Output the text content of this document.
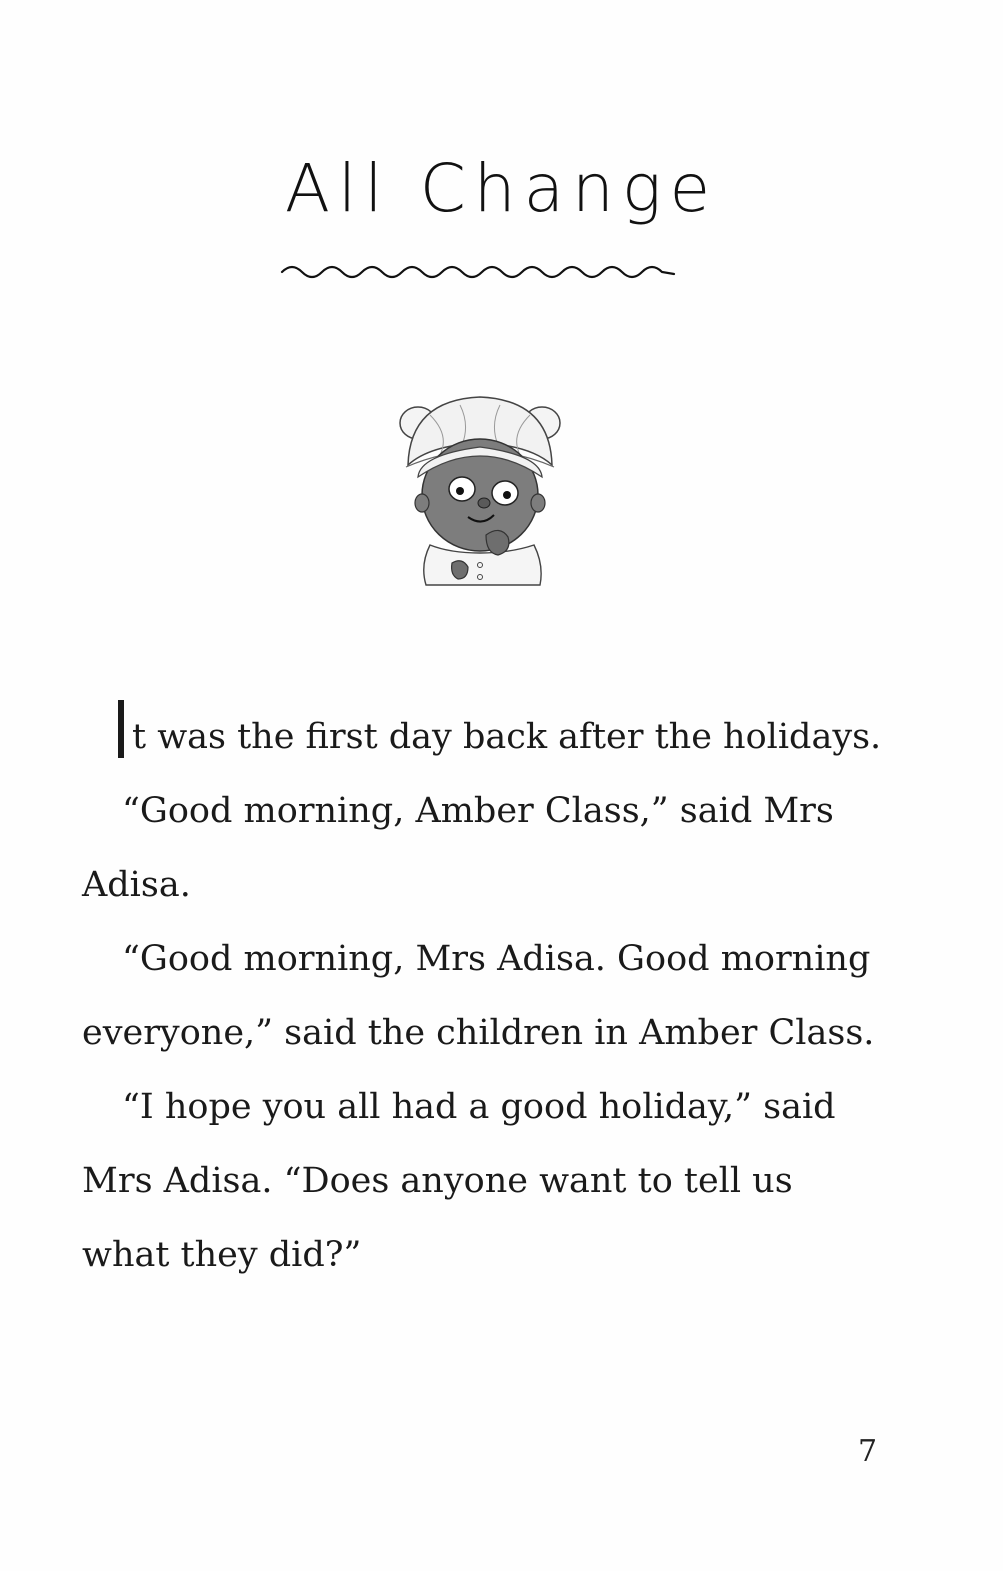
All Change

t was the first day back after the holidays.

“Good morning, Amber Class,” said Mrs Adisa.

“Good morning, Mrs Adisa. Good morning everyone,” said the children in Amber Class.

“I hope you all had a good holiday,” said Mrs Adisa. “Does anyone want to tell us what they did?”

7
